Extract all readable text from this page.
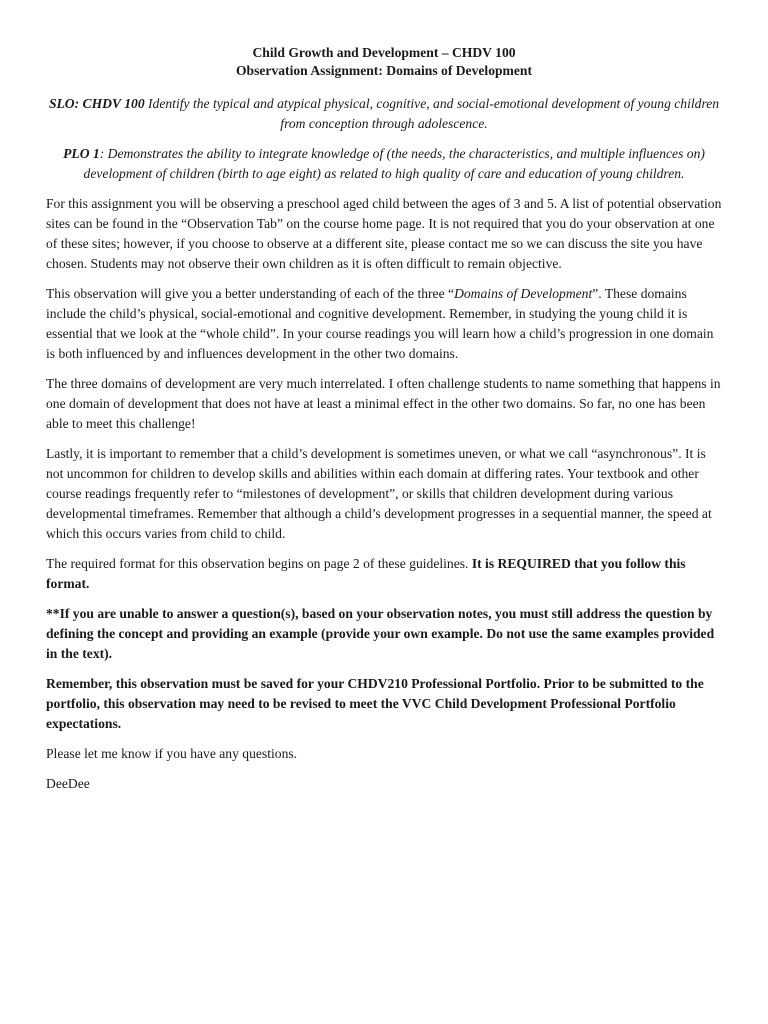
Child Growth and Development – CHDV 100

Observation Assignment: Domains of Development

SLO: CHDV 100 Identify the typical and atypical physical, cognitive, and social-emotional development of young children from conception through adolescence.

PLO 1: Demonstrates the ability to integrate knowledge of (the needs, the characteristics, and multiple influences on) development of children (birth to age eight) as related to high quality of care and education of young children.

For this assignment you will be observing a preschool aged child between the ages of 3 and 5. A list of potential observation sites can be found in the “Observation Tab” on the course home page. It is not required that you do your observation at one of these sites; however, if you choose to observe at a different site, please contact me so we can discuss the site you have chosen. Students may not observe their own children as it is often difficult to remain objective.

This observation will give you a better understanding of each of the three “Domains of Development”. These domains include the child’s physical, social-emotional and cognitive development. Remember, in studying the young child it is essential that we look at the “whole child”. In your course readings you will learn how a child’s progression in one domain is both influenced by and influences development in the other two domains.

The three domains of development are very much interrelated. I often challenge students to name something that happens in one domain of development that does not have at least a minimal effect in the other two domains. So far, no one has been able to meet this challenge!

Lastly, it is important to remember that a child’s development is sometimes uneven, or what we call “asynchronous”. It is not uncommon for children to develop skills and abilities within each domain at differing rates. Your textbook and other course readings frequently refer to “milestones of development”, or skills that children development during various developmental timeframes. Remember that although a child’s development progresses in a sequential manner, the speed at which this occurs varies from child to child.

The required format for this observation begins on page 2 of these guidelines. It is REQUIRED that you follow this format.

**If you are unable to answer a question(s), based on your observation notes, you must still address the question by defining the concept and providing an example (provide your own example. Do not use the same examples provided in the text).

Remember, this observation must be saved for your CHDV210 Professional Portfolio. Prior to be submitted to the portfolio, this observation may need to be revised to meet the VVC Child Development Professional Portfolio expectations.

Please let me know if you have any questions.

DeeDee
